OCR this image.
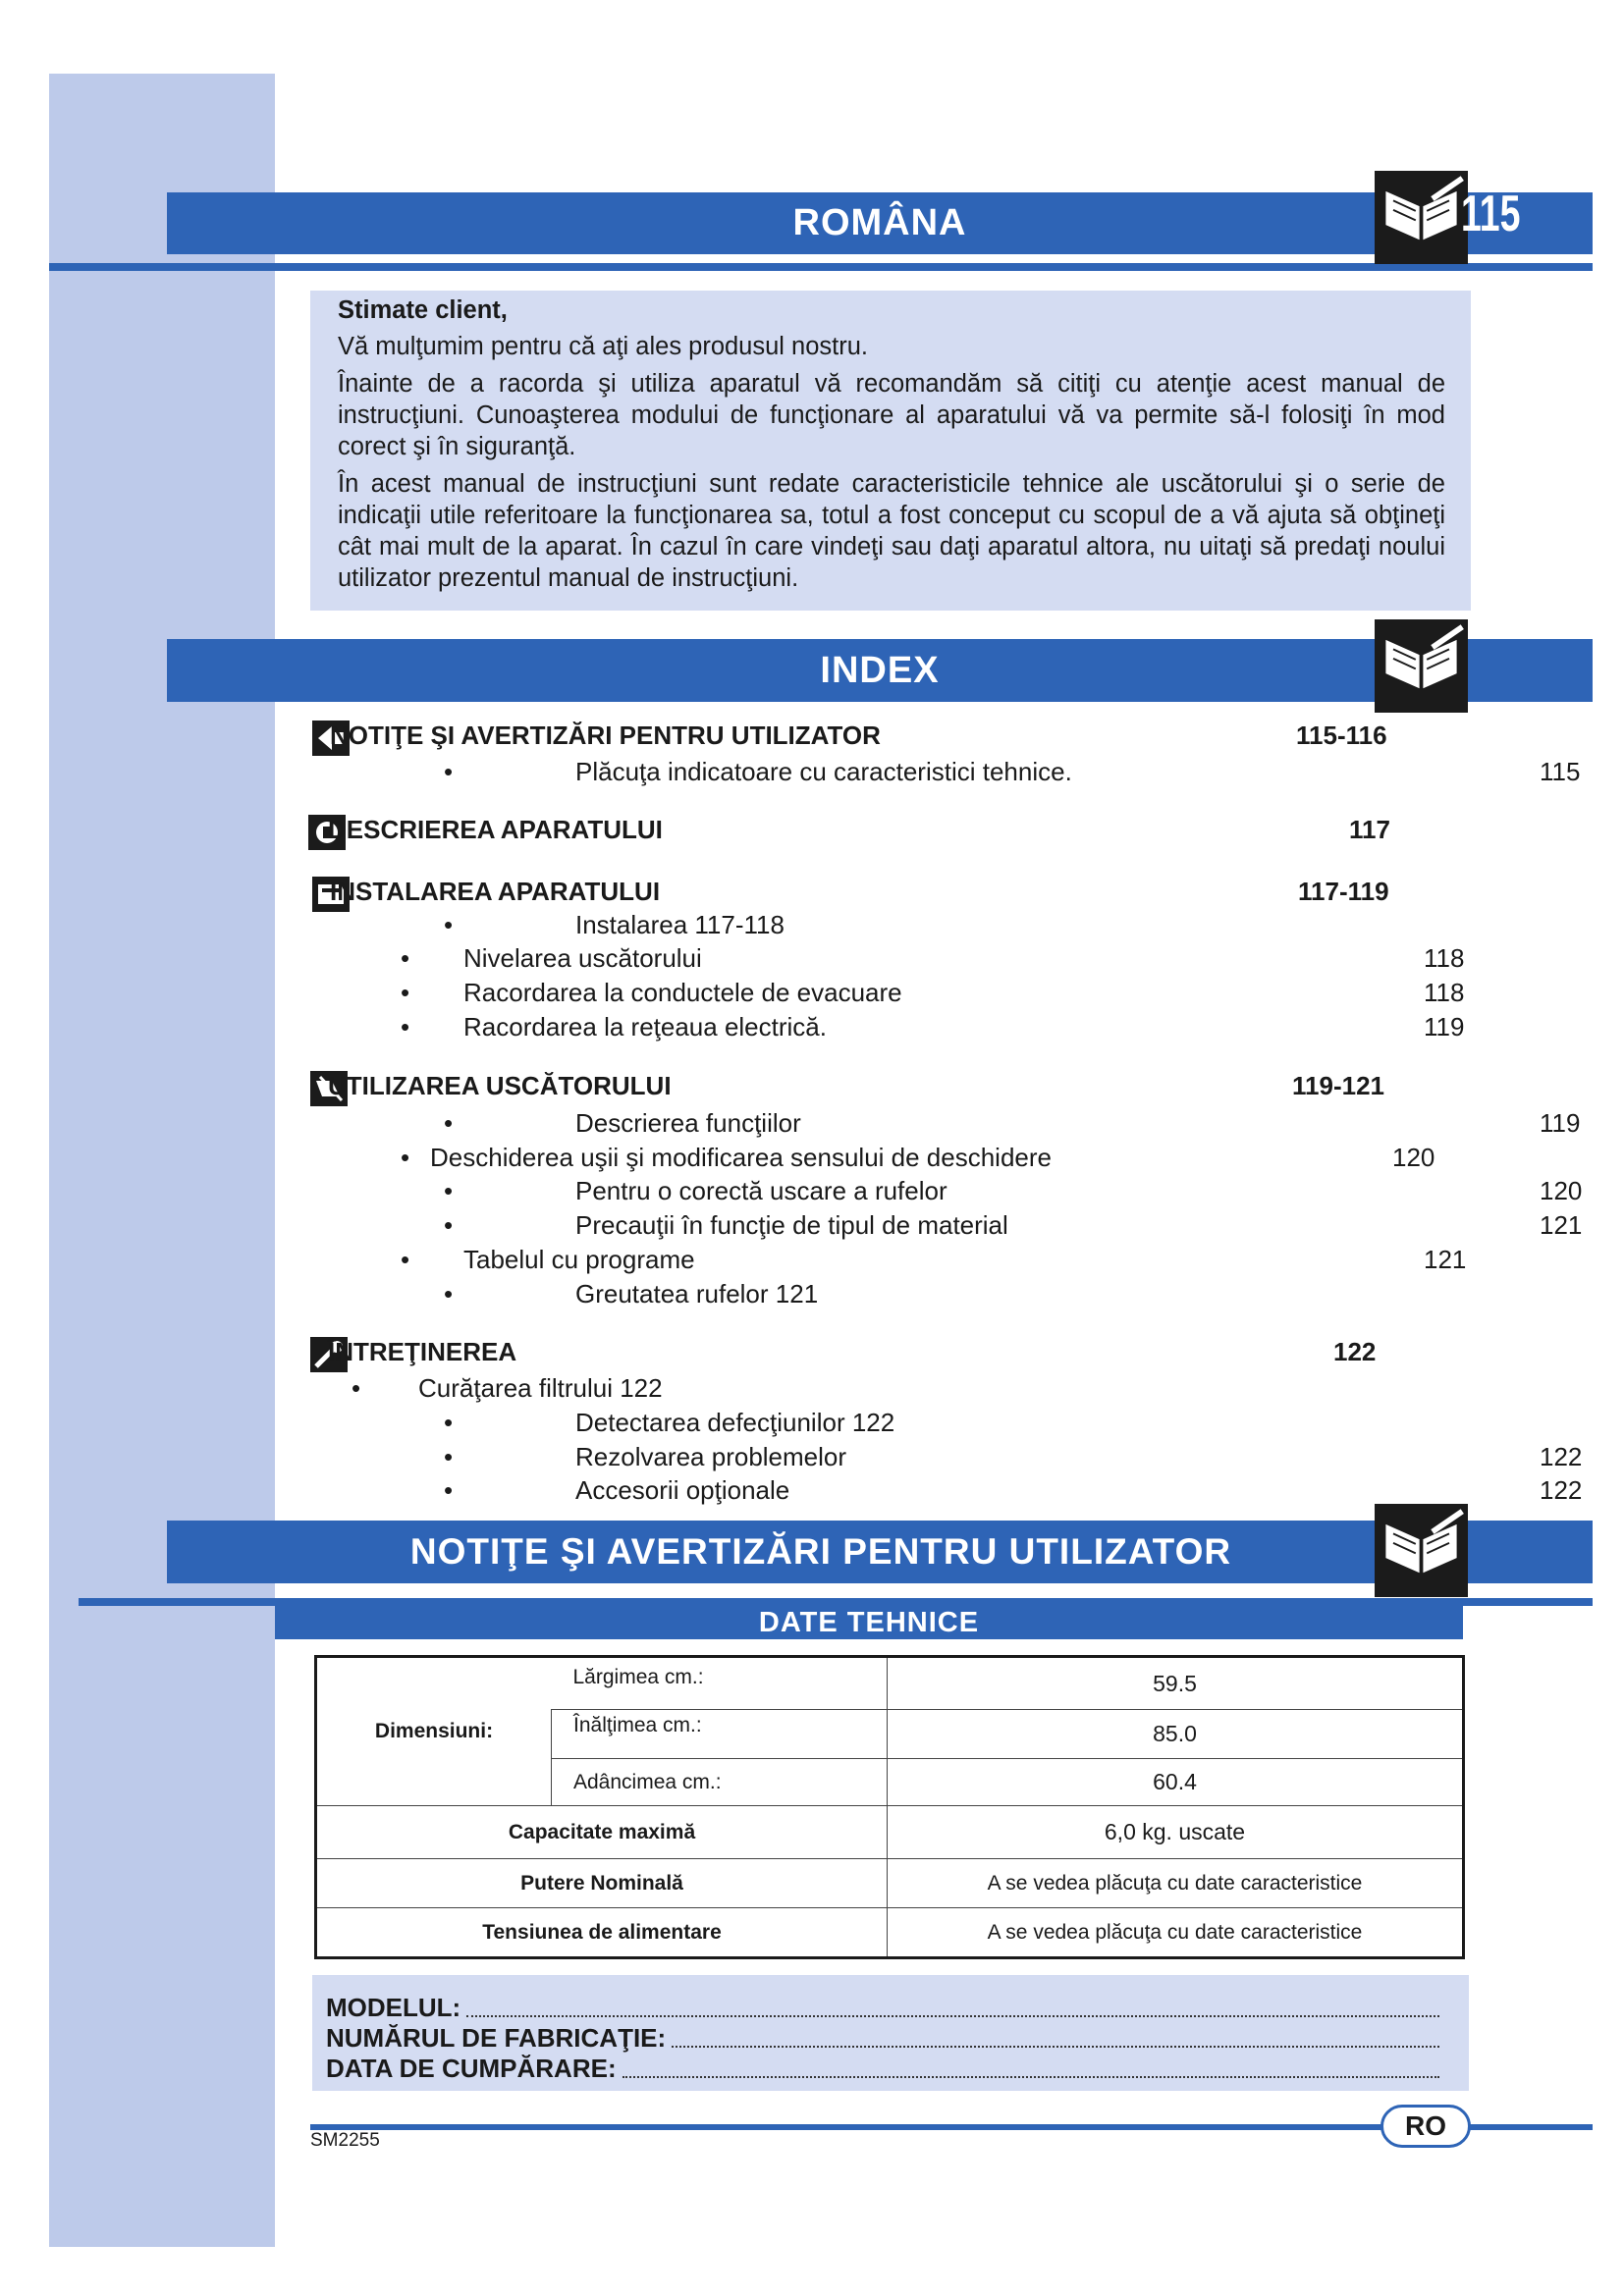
ROMÂNA	115

Stimate client,

Vă mulţumim pentru că aţi ales produsul nostru.

Înainte de a racorda şi utiliza aparatul vă recomandăm să citiţi cu atenţie acest manual de instrucţiuni. Cunoaşterea modului de funcţionare al aparatului vă va permite să-l folosiţi în mod corect şi în siguranţă.

În acest manual de instrucţiuni sunt redate caracteristicile tehnice ale uscătorului şi o serie de indicaţii utile referitoare la funcţionarea sa, totul a fost conceput cu scopul de a vă ajuta să obţineţi cât mai mult de la aparat. În cazul în care vindeţi sau daţi aparatul altora, nu uitaţi să predaţi noului utilizator prezentul manual de instrucţiuni.

INDEX
NOTIŢE ŞI AVERTIZĂRI PENTRU UTILIZATOR	115-116
•	Plăcuţa indicatoare cu caracteristici tehnice.	115
DESCRIEREA APARATULUI	117
INSTALAREA APARATULUI	117-119
•	Instalarea 117-118
• Nivelarea uscătorului	118
• Racordarea la conductele de evacuare	118
• Racordarea la reţeaua electrică.	119
UTILIZAREA USCĂTORULUI	119-121
•	Descrierea funcţiilor	119
• Deschiderea uşii şi modificarea sensului de deschidere	120
•	Pentru o corectă uscare a rufelor	120
•	Precauţii în funcţie de tipul de material	121
• Tabelul cu programe	121
•	Greutatea rufelor 121
ÎNTREŢINEREA	122
• Curăţarea filtrului 122
•	Detectarea defecţiunilor 122
•	Rezolvarea problemelor	122
•	Accesorii opţionale	122
NOTIŢE ŞI AVERTIZĂRI PENTRU UTILIZATOR
DATE TEHNICE
Dimensiuni:	Lărgimea cm.:	59.5
	Înălţimea cm.:	85.0
	Adâncimea cm.:	60.4
Capacitate maximă		6,0 kg. uscate
Putere Nominală		A se vedea plăcuţa cu date caracteristice
Tensiunea de alimentare		A se vedea plăcuţa cu date caracteristice
MODELUL:
NUMĂRUL DE FABRICAŢIE:
DATA DE CUMPĂRARE:
RO
SM2255
